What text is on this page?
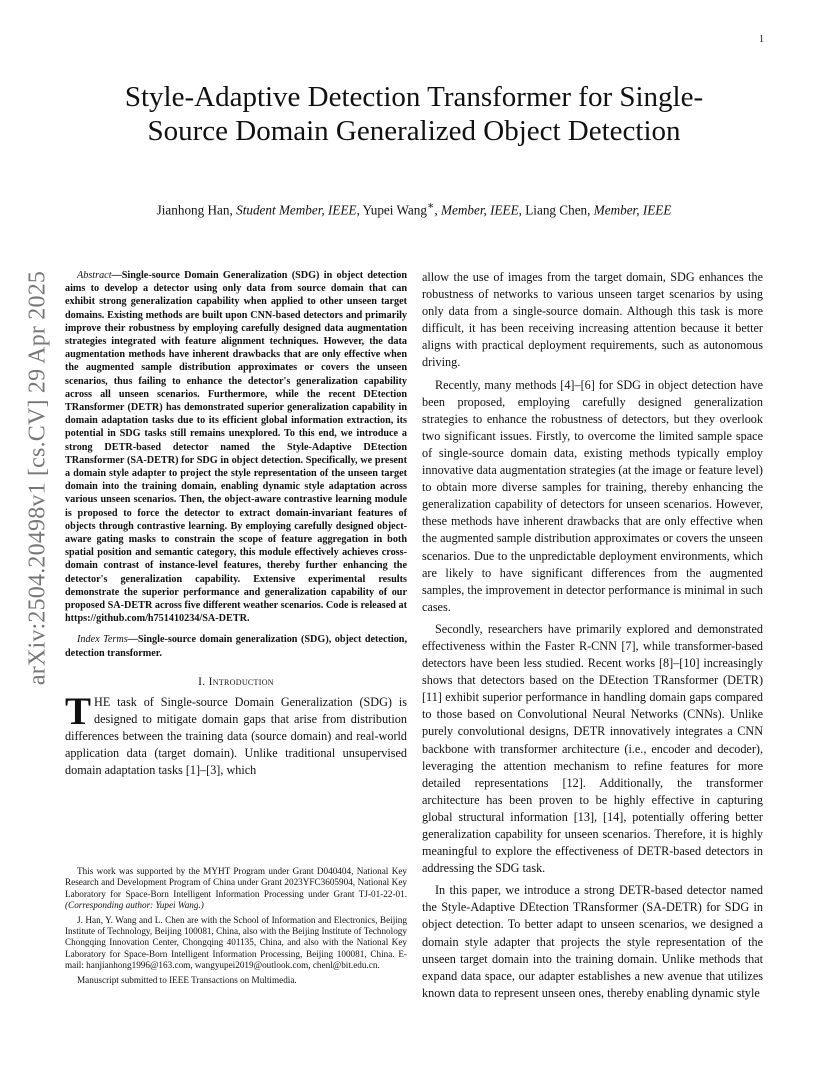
1
arXiv:2504.20498v1 [cs.CV] 29 Apr 2025
Style-Adaptive Detection Transformer for Single-Source Domain Generalized Object Detection
Jianhong Han, Student Member, IEEE, Yupei Wang∗, Member, IEEE, Liang Chen, Member, IEEE

Abstract—Single-source Domain Generalization (SDG) in object detection aims to develop a detector using only data from source domain that can exhibit strong generalization capability when applied to other unseen target domains. Existing methods are built upon CNN-based detectors and primarily improve their robustness by employing carefully designed data augmentation strategies integrated with feature alignment techniques. However, the data augmentation methods have inherent drawbacks that are only effective when the augmented sample distribution approximates or covers the unseen scenarios, thus failing to enhance the detector's generalization capability across all unseen scenarios. Furthermore, while the recent DEtection TRansformer (DETR) has demonstrated superior generalization capability in domain adaptation tasks due to its efficient global information extraction, its potential in SDG tasks still remains unexplored. To this end, we introduce a strong DETR-based detector named the Style-Adaptive DEtection TRansformer (SA-DETR) for SDG in object detection. Specifically, we present a domain style adapter to project the style representation of the unseen target domain into the training domain, enabling dynamic style adaptation across various unseen scenarios. Then, the object-aware contrastive learning module is proposed to force the detector to extract domain-invariant features of objects through contrastive learning. By employing carefully designed object-aware gating masks to constrain the scope of feature aggregation in both spatial position and semantic category, this module effectively achieves cross-domain contrast of instance-level features, thereby further enhancing the detector's generalization capability. Extensive experimental results demonstrate the superior performance and generalization capability of our proposed SA-DETR across five different weather scenarios. Code is released at https://github.com/h751410234/SA-DETR.

Index Terms—Single-source domain generalization (SDG), object detection, detection transformer.

I. Introduction

THE task of Single-source Domain Generalization (SDG) is designed to mitigate domain gaps that arise from distribution differences between the training data (source domain) and real-world application data (target domain). Unlike traditional unsupervised domain adaptation tasks [1]–[3], which

This work was supported by the MYHT Program under Grant D040404, National Key Research and Development Program of China under Grant 2023YFC3605904, National Key Laboratory for Space-Born Intelligent Information Processing under Grant TJ-01-22-01. (Corresponding author: Yupei Wang.)

J. Han, Y. Wang and L. Chen are with the School of Information and Electronics, Beijing Institute of Technology, Beijing 100081, China, also with the Beijing Institute of Technology Chongqing Innovation Center, Chongqing 401135, China, and also with the National Key Laboratory for Space-Born Intelligent Information Processing, Beijing 100081, China. E-mail: hanjianhong1996@163.com, wangyupei2019@outlook.com, chenl@bit.edu.cn.

Manuscript submitted to IEEE Transactions on Multimedia.

allow the use of images from the target domain, SDG enhances the robustness of networks to various unseen target scenarios by using only data from a single-source domain. Although this task is more difficult, it has been receiving increasing attention because it better aligns with practical deployment requirements, such as autonomous driving.

Recently, many methods [4]–[6] for SDG in object detection have been proposed, employing carefully designed generalization strategies to enhance the robustness of detectors, but they overlook two significant issues. Firstly, to overcome the limited sample space of single-source domain data, existing methods typically employ innovative data augmentation strategies (at the image or feature level) to obtain more diverse samples for training, thereby enhancing the generalization capability of detectors for unseen scenarios. However, these methods have inherent drawbacks that are only effective when the augmented sample distribution approximates or covers the unseen scenarios. Due to the unpredictable deployment environments, which are likely to have significant differences from the augmented samples, the improvement in detector performance is minimal in such cases.

Secondly, researchers have primarily explored and demonstrated effectiveness within the Faster R-CNN [7], while transformer-based detectors have been less studied. Recent works [8]–[10] increasingly shows that detectors based on the DEtection TRansformer (DETR) [11] exhibit superior performance in handling domain gaps compared to those based on Convolutional Neural Networks (CNNs). Unlike purely convolutional designs, DETR innovatively integrates a CNN backbone with transformer architecture (i.e., encoder and decoder), leveraging the attention mechanism to refine features for more detailed representations [12]. Additionally, the transformer architecture has been proven to be highly effective in capturing global structural information [13], [14], potentially offering better generalization capability for unseen scenarios. Therefore, it is highly meaningful to explore the effectiveness of DETR-based detectors in addressing the SDG task.

In this paper, we introduce a strong DETR-based detector named the Style-Adaptive DEtection TRansformer (SA-DETR) for SDG in object detection. To better adapt to unseen scenarios, we designed a domain style adapter that projects the style representation of the unseen target domain into the training domain. Unlike methods that expand data space, our adapter establishes a new avenue that utilizes known data to represent unseen ones, thereby enabling dynamic style
